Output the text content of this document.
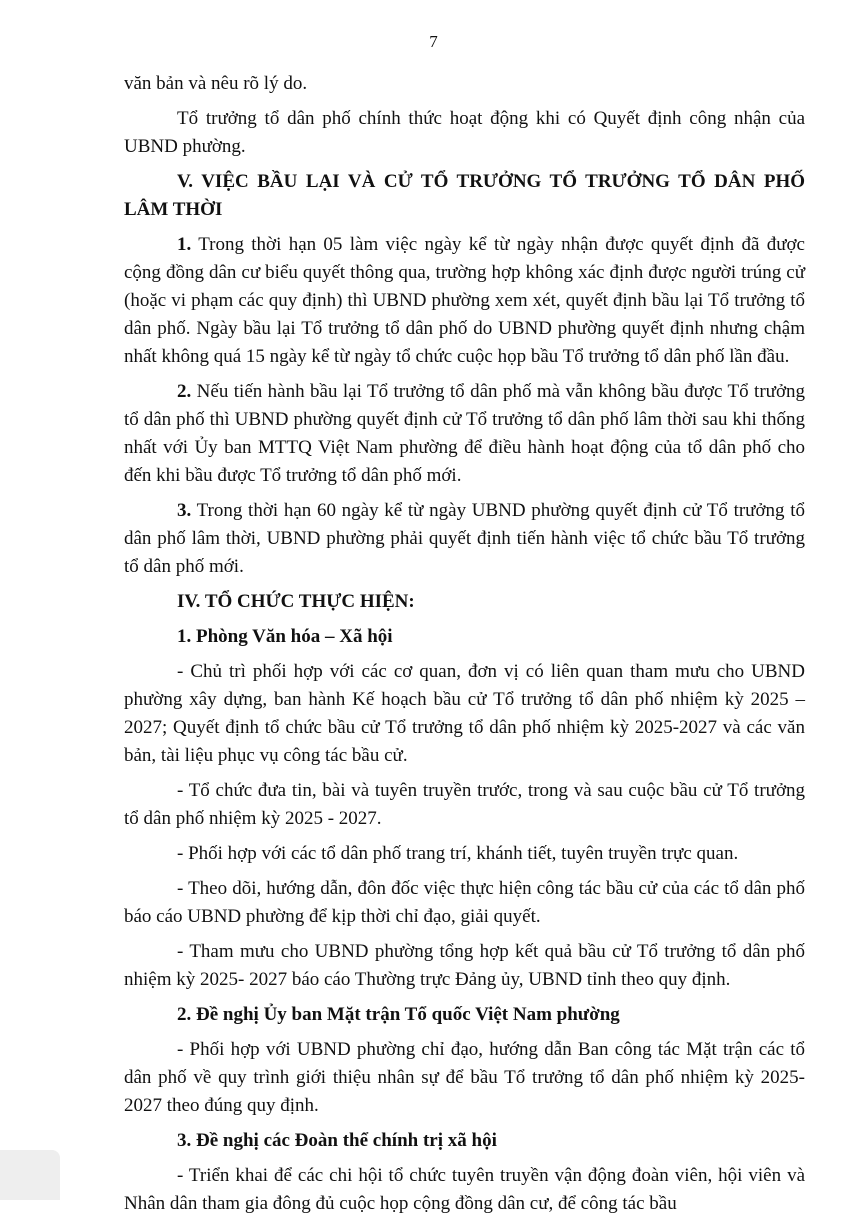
7

văn bản và nêu rõ lý do.

Tổ trưởng tổ dân phố chính thức hoạt động khi có Quyết định công nhận của UBND phường.

V. VIỆC BẦU LẠI VÀ CỬ TỔ TRƯỞNG TỔ TRƯỞNG TỔ DÂN PHỐ LÂM THỜI

1. Trong thời hạn 05 làm việc ngày kể từ ngày nhận được quyết định đã được cộng đồng dân cư biểu quyết thông qua, trường hợp không xác định được người trúng cử (hoặc vi phạm các quy định) thì UBND phường xem xét, quyết định bầu lại Tổ trưởng tổ dân phố. Ngày bầu lại Tổ trưởng tổ dân phố do UBND phường quyết định nhưng chậm nhất không quá 15 ngày kể từ ngày tổ chức cuộc họp bầu Tổ trưởng tổ dân phố lần đầu.

2. Nếu tiến hành bầu lại Tổ trưởng tổ dân phố mà vẫn không bầu được Tổ trưởng tổ dân phố thì UBND phường quyết định cử Tổ trưởng tổ dân phố lâm thời sau khi thống nhất với Ủy ban MTTQ Việt Nam phường để điều hành hoạt động của tổ dân phố cho đến khi bầu được Tổ trưởng tổ dân phố mới.

3. Trong thời hạn 60 ngày kể từ ngày UBND phường quyết định cử Tổ trưởng tổ dân phố lâm thời, UBND phường phải quyết định tiến hành việc tổ chức bầu Tổ trưởng tổ dân phố mới.

IV. TỔ CHỨC THỰC HIỆN:

1. Phòng Văn hóa – Xã hội

- Chủ trì phối hợp với các cơ quan, đơn vị có liên quan tham mưu cho UBND phường xây dựng, ban hành Kế hoạch bầu cử Tổ trưởng tổ dân phố nhiệm kỳ 2025 – 2027; Quyết định tổ chức bầu cử Tổ trưởng tổ dân phố nhiệm kỳ 2025-2027 và các văn bản, tài liệu phục vụ công tác bầu cử.

- Tổ chức đưa tin, bài và tuyên truyền trước, trong và sau cuộc bầu cử Tổ trưởng tổ dân phố nhiệm kỳ 2025 - 2027.

- Phối hợp với các tổ dân phố trang trí, khánh tiết, tuyên truyền trực quan.

- Theo dõi, hướng dẫn, đôn đốc việc thực hiện công tác bầu cử của các tổ dân phố báo cáo UBND phường để kịp thời chỉ đạo, giải quyết.

- Tham mưu cho UBND phường tổng hợp kết quả bầu cử Tổ trưởng tổ dân phố nhiệm kỳ 2025- 2027 báo cáo Thường trực Đảng ủy, UBND tỉnh theo quy định.

2. Đề nghị Ủy ban Mặt trận Tổ quốc Việt Nam phường

- Phối hợp với UBND phường chỉ đạo, hướng dẫn Ban công tác Mặt trận các tổ dân phố về quy trình giới thiệu nhân sự để bầu Tổ trưởng tổ dân phố nhiệm kỳ 2025-2027 theo đúng quy định.

3. Đề nghị các Đoàn thể chính trị xã hội

- Triển khai để các chi hội tổ chức tuyên truyền vận động đoàn viên, hội viên và Nhân dân tham gia đông đủ cuộc họp cộng đồng dân cư, để công tác bầu
